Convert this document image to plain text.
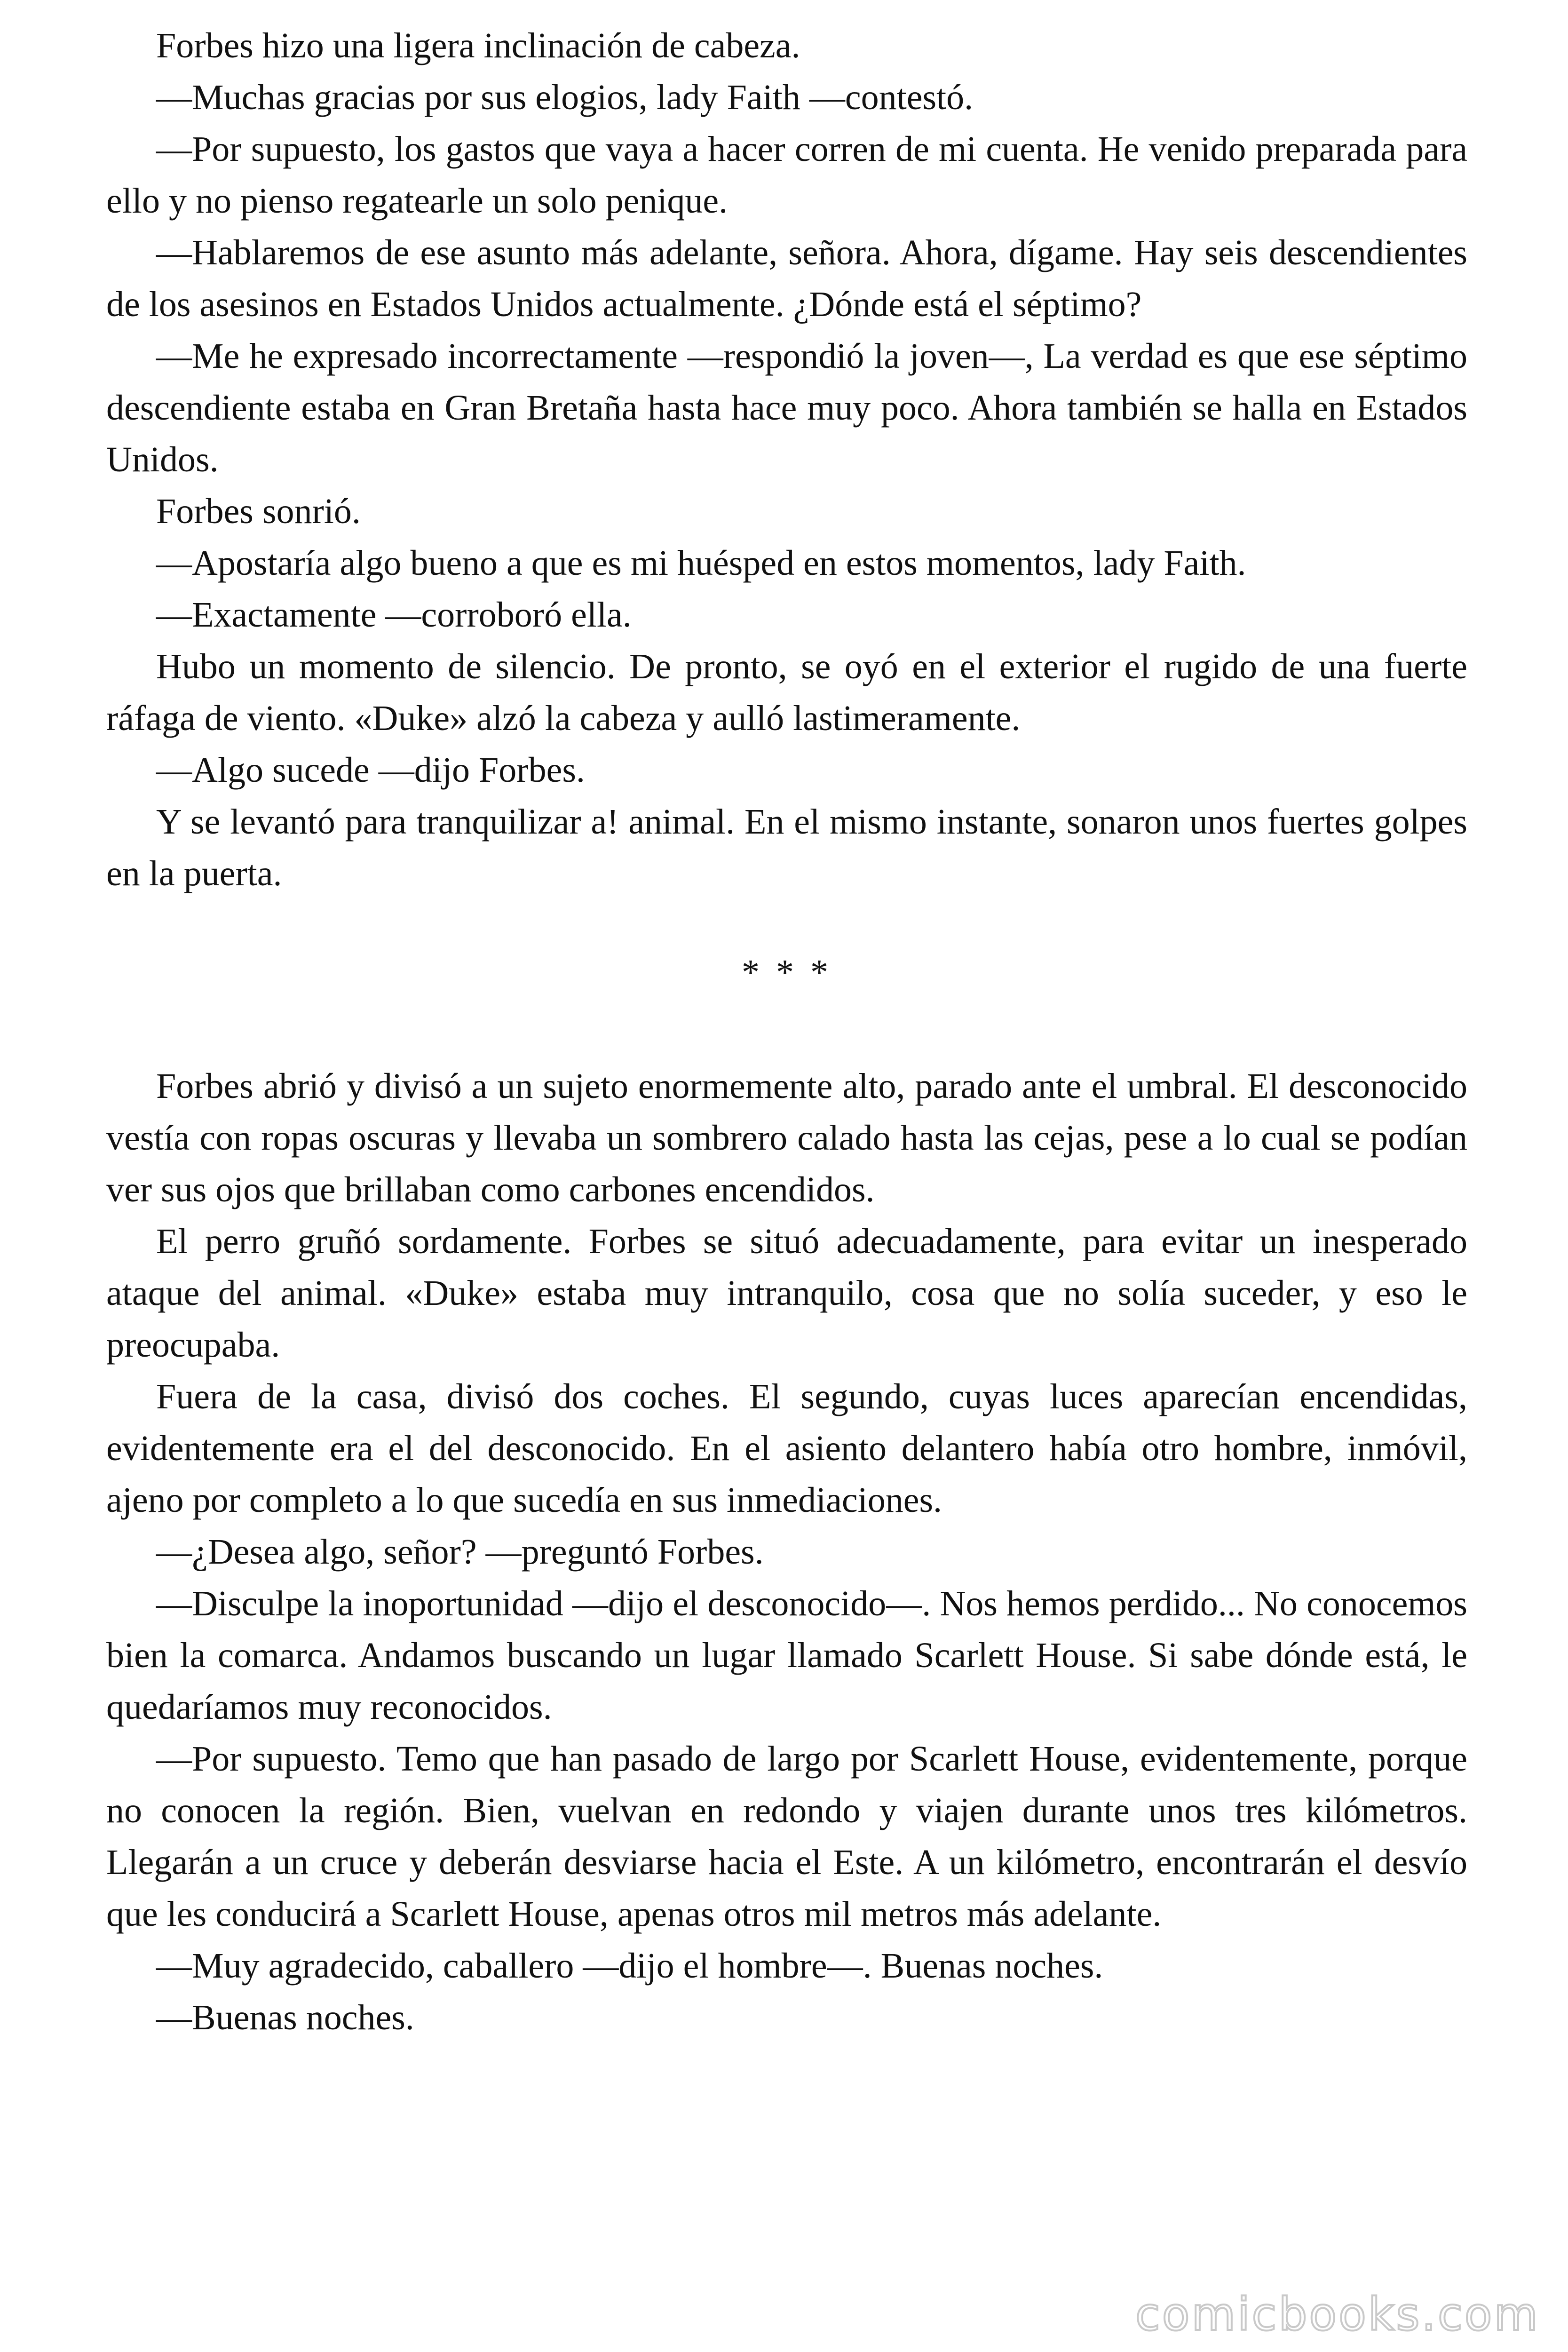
Forbes hizo una ligera inclinación de cabeza.

—Muchas gracias por sus elogios, lady Faith —contestó.

—Por supuesto, los gastos que vaya a hacer corren de mi cuenta. He venido preparada para ello y no pienso regatearle un solo penique.

—Hablaremos de ese asunto más adelante, señora. Ahora, dígame. Hay seis descendientes de los asesinos en Estados Unidos actualmente. ¿Dónde está el séptimo?

—Me he expresado incorrectamente —respondió la joven—, La verdad es que ese séptimo descendiente estaba en Gran Bretaña hasta hace muy poco. Ahora también se halla en Estados Unidos.

Forbes sonrió.

—Apostaría algo bueno a que es mi huésped en estos momentos, lady Faith.

—Exactamente —corroboró ella.

Hubo un momento de silencio. De pronto, se oyó en el exterior el rugido de una fuerte ráfaga de viento. «Duke» alzó la cabeza y aulló lastimeramente.

—Algo sucede —dijo Forbes.

Y se levantó para tranquilizar a! animal. En el mismo instante, sonaron unos fuertes golpes en la puerta.

* * *

Forbes abrió y divisó a un sujeto enormemente alto, parado ante el umbral. El desconocido vestía con ropas oscuras y llevaba un sombrero calado hasta las cejas, pese a lo cual se podían ver sus ojos que brillaban como carbones encendidos.

El perro gruñó sordamente. Forbes se situó adecuadamente, para evitar un inesperado ataque del animal. «Duke» estaba muy intranquilo, cosa que no solía suceder, y eso le preocupaba.

Fuera de la casa, divisó dos coches. El segundo, cuyas luces aparecían encendidas, evidentemente era el del desconocido. En el asiento delantero había otro hombre, inmóvil, ajeno por completo a lo que sucedía en sus inmediaciones.

—¿Desea algo, señor? —preguntó Forbes.

—Disculpe la inoportunidad —dijo el desconocido—. Nos hemos perdido... No conocemos bien la comarca. Andamos buscando un lugar llamado Scarlett House. Si sabe dónde está, le quedaríamos muy reconocidos.

—Por supuesto. Temo que han pasado de largo por Scarlett House, evidentemente, porque no conocen la región. Bien, vuelvan en redondo y viajen durante unos tres kilómetros. Llegarán a un cruce y deberán desviarse hacia el Este. A un kilómetro, encontrarán el desvío que les conducirá a Scarlett House, apenas otros mil metros más adelante.

—Muy agradecido, caballero —dijo el hombre—. Buenas noches.

—Buenas noches.

comicbooks.com
